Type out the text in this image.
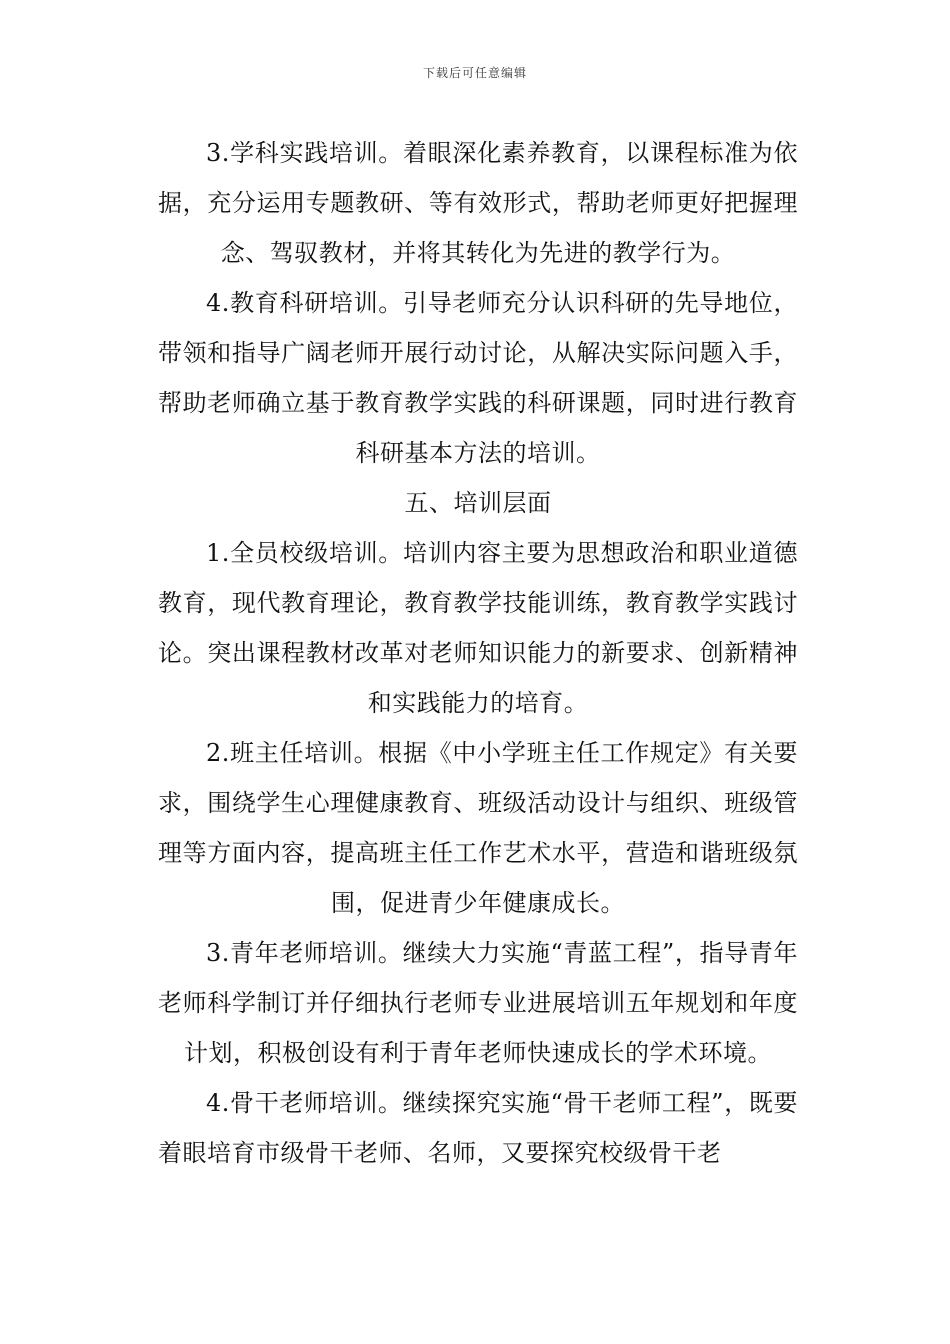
下载后可任意编辑

3.学科实践培训。着眼深化素养教育，以课程标准为依据，充分运用专题教研、等有效形式，帮助老师更好把握理念、驾驭教材，并将其转化为先进的教学行为。

4.教育科研培训。引导老师充分认识科研的先导地位，带领和指导广阔老师开展行动讨论，从解决实际问题入手，帮助老师确立基于教育教学实践的科研课题，同时进行教育科研基本方法的培训。

五、培训层面

1.全员校级培训。培训内容主要为思想政治和职业道德教育，现代教育理论，教育教学技能训练，教育教学实践讨论。突出课程教材改革对老师知识能力的新要求、创新精神和实践能力的培育。

2.班主任培训。根据《中小学班主任工作规定》有关要求，围绕学生心理健康教育、班级活动设计与组织、班级管理等方面内容，提高班主任工作艺术水平，营造和谐班级氛围，促进青少年健康成长。

3.青年老师培训。继续大力实施“青蓝工程”，指导青年老师科学制订并仔细执行老师专业进展培训五年规划和年度计划，积极创设有利于青年老师快速成长的学术环境。

4.骨干老师培训。继续探究实施“骨干老师工程”，既要着眼培育市级骨干老师、名师，又要探究校级骨干老
